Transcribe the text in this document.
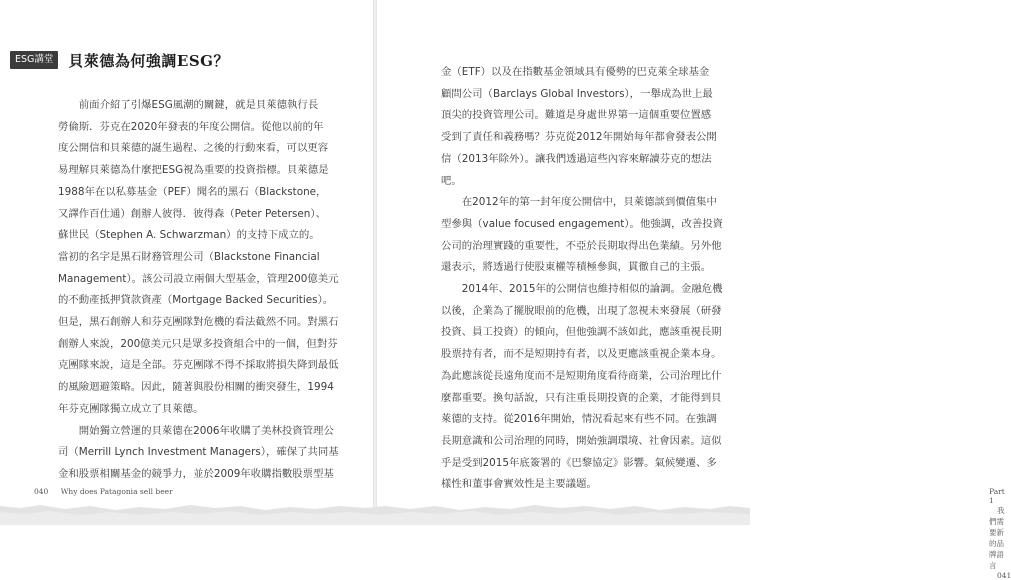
ESG講堂	貝萊德為何強調ESG？

前面介紹了引爆ESG風潮的關鍵，就是貝萊德執行長

勞倫斯．芬克在2020年發表的年度公開信。從他以前的年

度公開信和貝萊德的誕生過程、之後的行動來看，可以更容

易理解貝萊德為什麼把ESG視為重要的投資指標。貝萊德是

1988年在以私募基金（PEF）聞名的黑石（Blackstone，

又譯作百仕通）創辦人彼得．彼得森（Peter Petersen）、

蘇世民（Stephen A. Schwarzman）的支持下成立的。

當初的名字是黑石財務管理公司（Blackstone Financial

Management）。該公司設立兩個大型基金，管理200億美元

的不動產抵押貸款資產（Mortgage Backed Securities）。

但是，黑石創辦人和芬克團隊對危機的看法截然不同。對黑石

創辦人來說，200億美元只是眾多投資組合中的一個，但對芬

克團隊來說，這是全部。芬克團隊不得不採取將損失降到最低

的風險迴避策略。因此，隨著與股份相關的衝突發生，1994

年芬克團隊獨立成立了貝萊德。

開始獨立營運的貝萊德在2006年收購了美林投資管理公

司（Merrill Lynch Investment Managers），確保了共同基

金和股票相關基金的競爭力，並於2009年收購指數股票型基

040 Why does Patagonia sell beer	Part 1 我們需要新的品牌語言 041

金（ETF）以及在指數基金領域具有優勢的巴克萊全球基金

顧問公司（Barclays Global Investors），一舉成為世上最

頂尖的投資管理公司。難道是身處世界第一這個重要位置感

受到了責任和義務嗎？芬克從2012年開始每年都會發表公開

信（2013年除外）。讓我們透過這些內容來解讀芬克的想法

吧。

在2012年的第一封年度公開信中，貝萊德談到價值集中

型參與（value focused engagement）。他強調，改善投資

公司的治理實踐的重要性，不亞於長期取得出色業績。另外他

還表示，將透過行使股東權等積極參與，貫徹自己的主張。

2014年、2015年的公開信也維持相似的論調。金融危機

以後，企業為了擺脫眼前的危機，出現了忽視未來發展（研發

投資、員工投資）的傾向，但他強調不該如此，應該重視長期

股票持有者，而不是短期持有者，以及更應該重視企業本身。

為此應該從長遠角度而不是短期角度看待商業，公司治理比什

麼都重要。換句話說，只有注重長期投資的企業，才能得到貝

萊德的支持。從2016年開始，情況看起來有些不同。在強調

長期意識和公司治理的同時，開始強調環境、社會因素。這似

乎是受到2015年底簽署的《巴黎協定》影響。氣候變遷、多

樣性和董事會實效性是主要議題。
